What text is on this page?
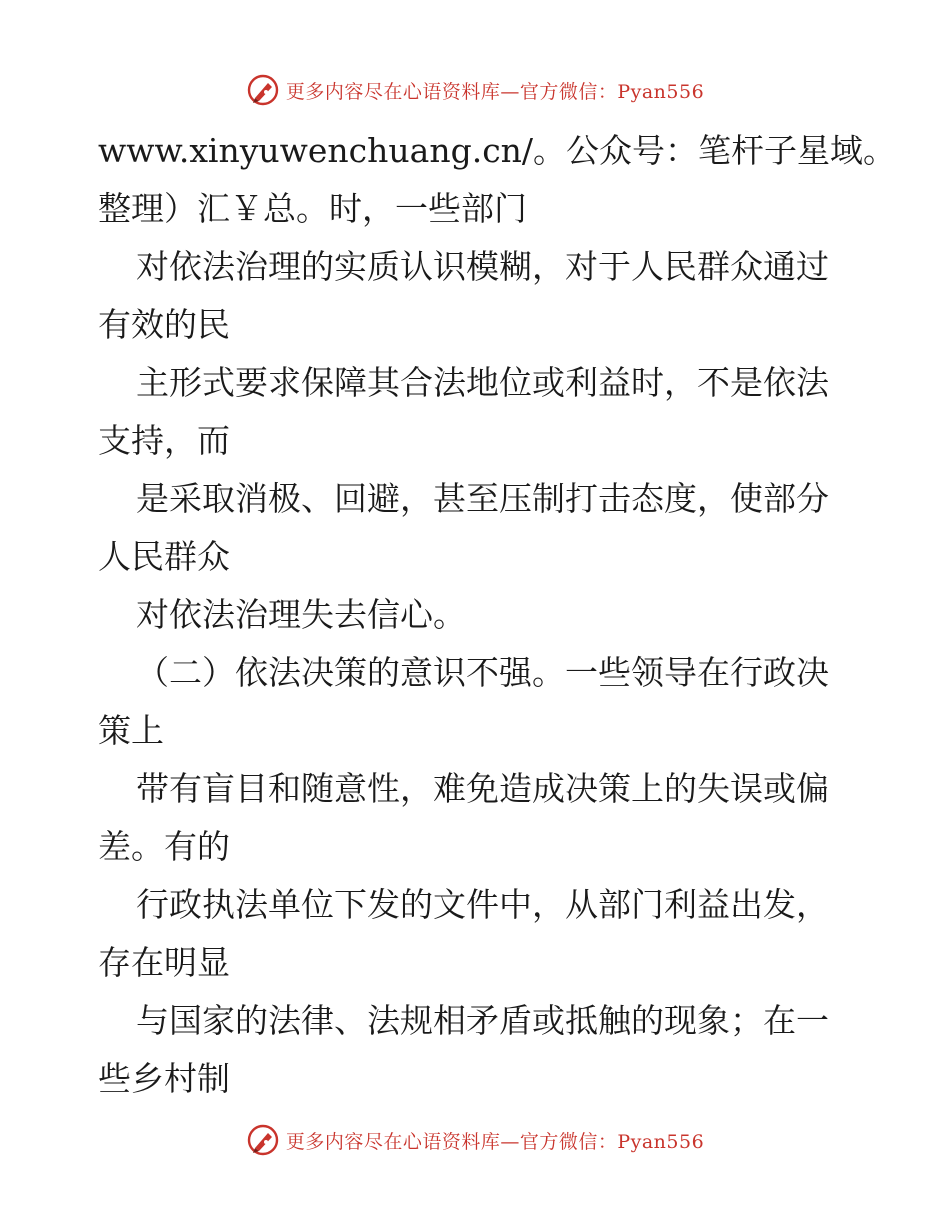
更多内容尽在心语资料库—官方微信：Pyan556
www.xinyuwenchuang.cn/。公众号：笔杆子星域。
整理）汇￥总。时，一些部门
对依法治理的实质认识模糊，对于人民群众通过
有效的民
主形式要求保障其合法地位或利益时，不是依法
支持，而
是采取消极、回避，甚至压制打击态度，使部分
人民群众
对依法治理失去信心。
（二）依法决策的意识不强。一些领导在行政决
策上
带有盲目和随意性，难免造成决策上的失误或偏
差。有的
行政执法单位下发的文件中，从部门利益出发，
存在明显
与国家的法律、法规相矛盾或抵触的现象；在一
些乡村制
更多内容尽在心语资料库—官方微信：Pyan556
